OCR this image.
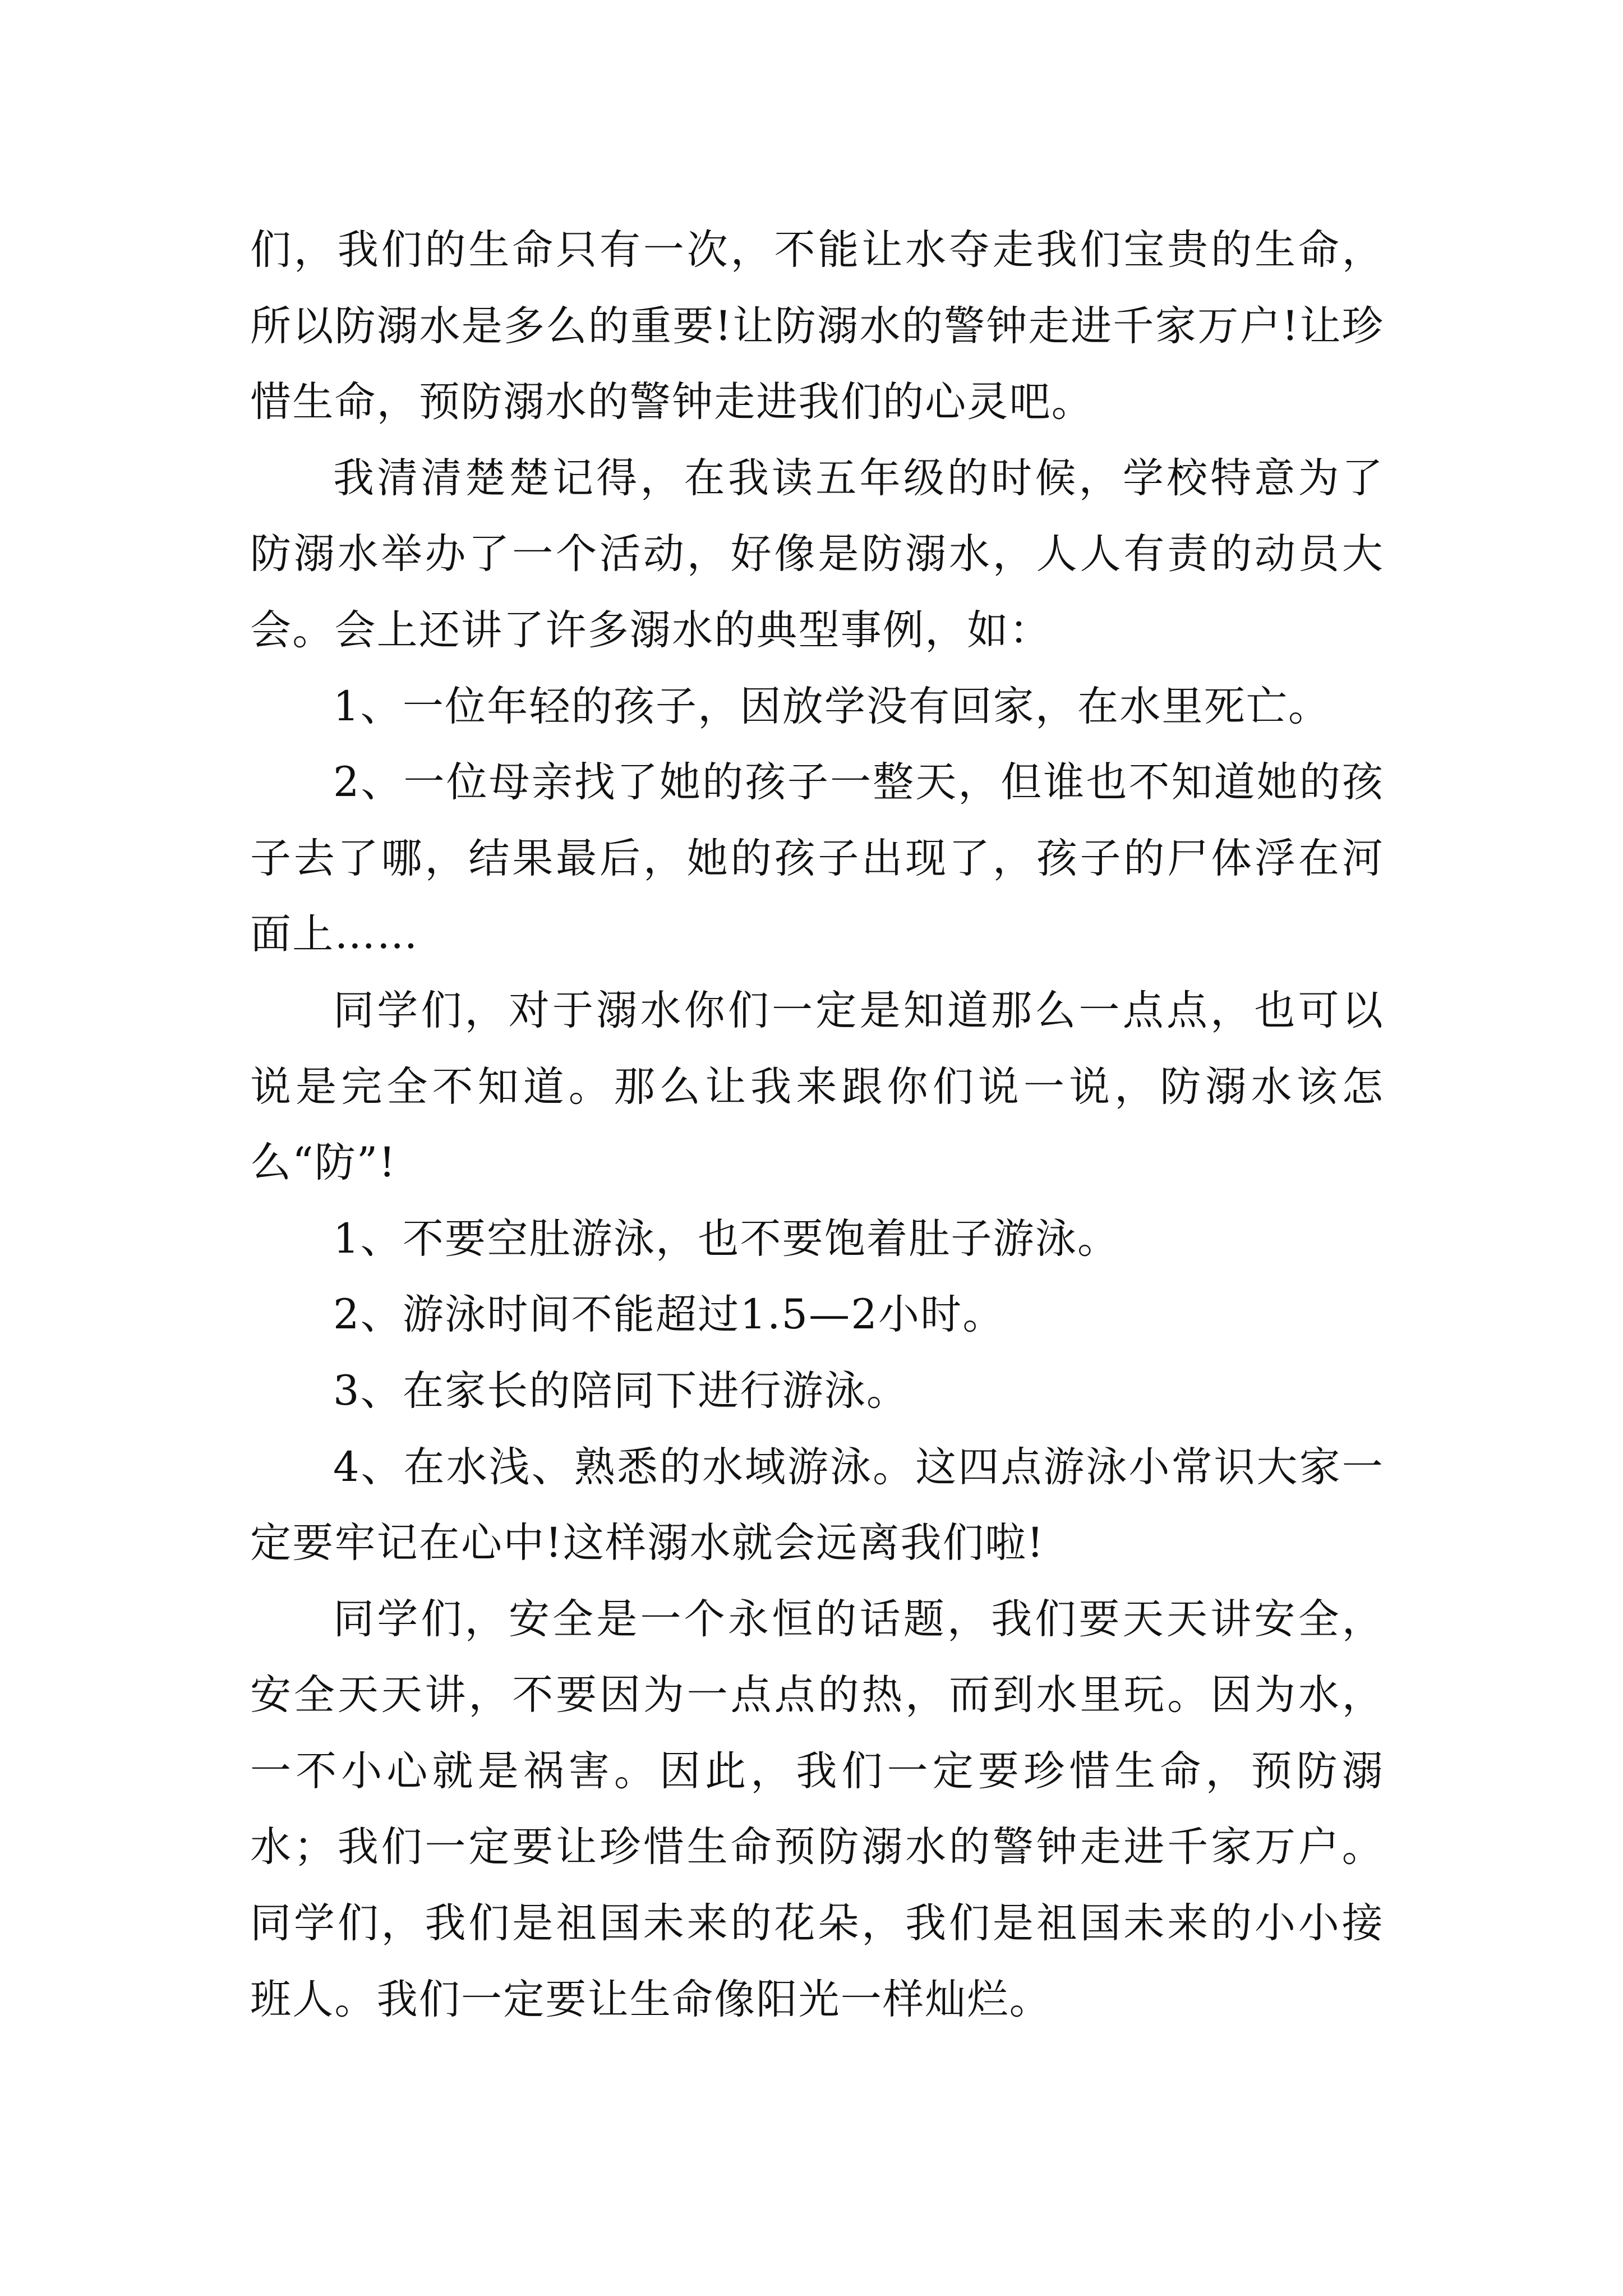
们，我们的生命只有一次，不能让水夺走我们宝贵的生命，所以防溺水是多么的重要!让防溺水的警钟走进千家万户!让珍惜生命，预防溺水的警钟走进我们的心灵吧。

我清清楚楚记得，在我读五年级的时候，学校特意为了防溺水举办了一个活动，好像是防溺水，人人有责的动员大会。会上还讲了许多溺水的典型事例，如：

1、一位年轻的孩子，因放学没有回家，在水里死亡。

2、一位母亲找了她的孩子一整天，但谁也不知道她的孩子去了哪，结果最后，她的孩子出现了，孩子的尸体浮在河面上……

同学们，对于溺水你们一定是知道那么一点点，也可以说是完全不知道。那么让我来跟你们说一说，防溺水该怎么“防”!

1、不要空肚游泳，也不要饱着肚子游泳。

2、游泳时间不能超过1.5—2小时。

3、在家长的陪同下进行游泳。

4、在水浅、熟悉的水域游泳。这四点游泳小常识大家一定要牢记在心中!这样溺水就会远离我们啦!

同学们，安全是一个永恒的话题，我们要天天讲安全，安全天天讲，不要因为一点点的热，而到水里玩。因为水，一不小心就是祸害。因此，我们一定要珍惜生命，预防溺水；我们一定要让珍惜生命预防溺水的警钟走进千家万户。同学们，我们是祖国未来的花朵，我们是祖国未来的小小接班人。我们一定要让生命像阳光一样灿烂。
